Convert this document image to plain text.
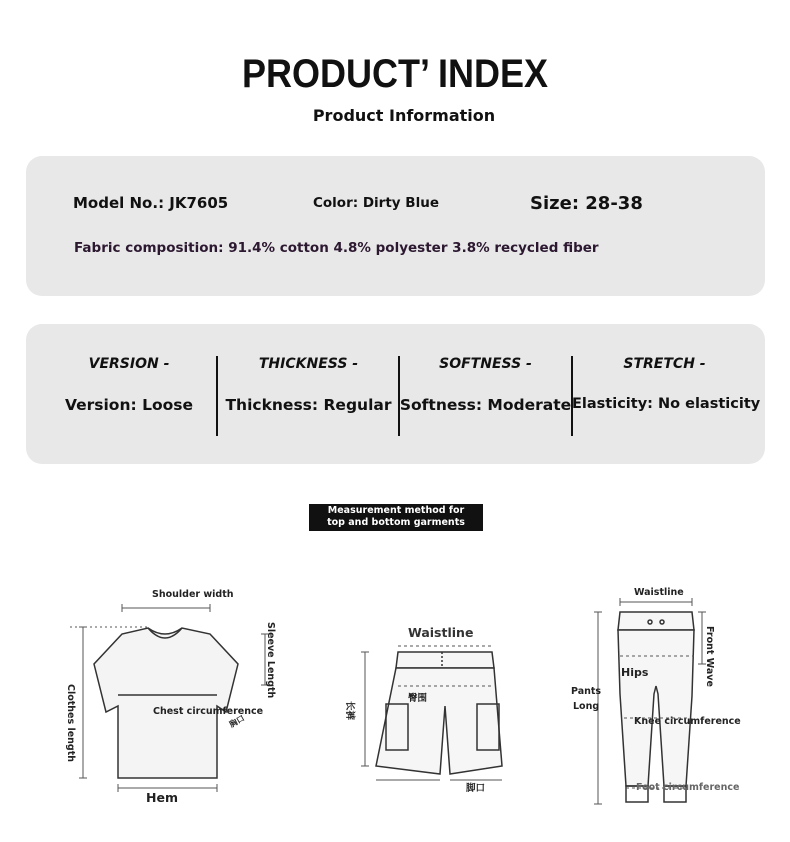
PRODUCT’ INDEX
Product Information
Model No.: JK7605	Color: Dirty Blue	Size: 28-38
Fabric composition: 91.4% cotton 4.8% polyester 3.8% recycled fiber
VERSION -
Version: Loose
THICKNESS -
Thickness: Regular
SOFTNESS -
Softness: Moderate
STRETCH -
Elasticity: No elasticity
Measurement method for
top and bottom garments
Shoulder width
Sleeve Length
Clothes length	Chest circumference
胸口
Hem
Waistline
长裤
臀围
脚口
Waistline
Front Wave
Hips
Pants
Long
Knee circumference
Foot circumference
